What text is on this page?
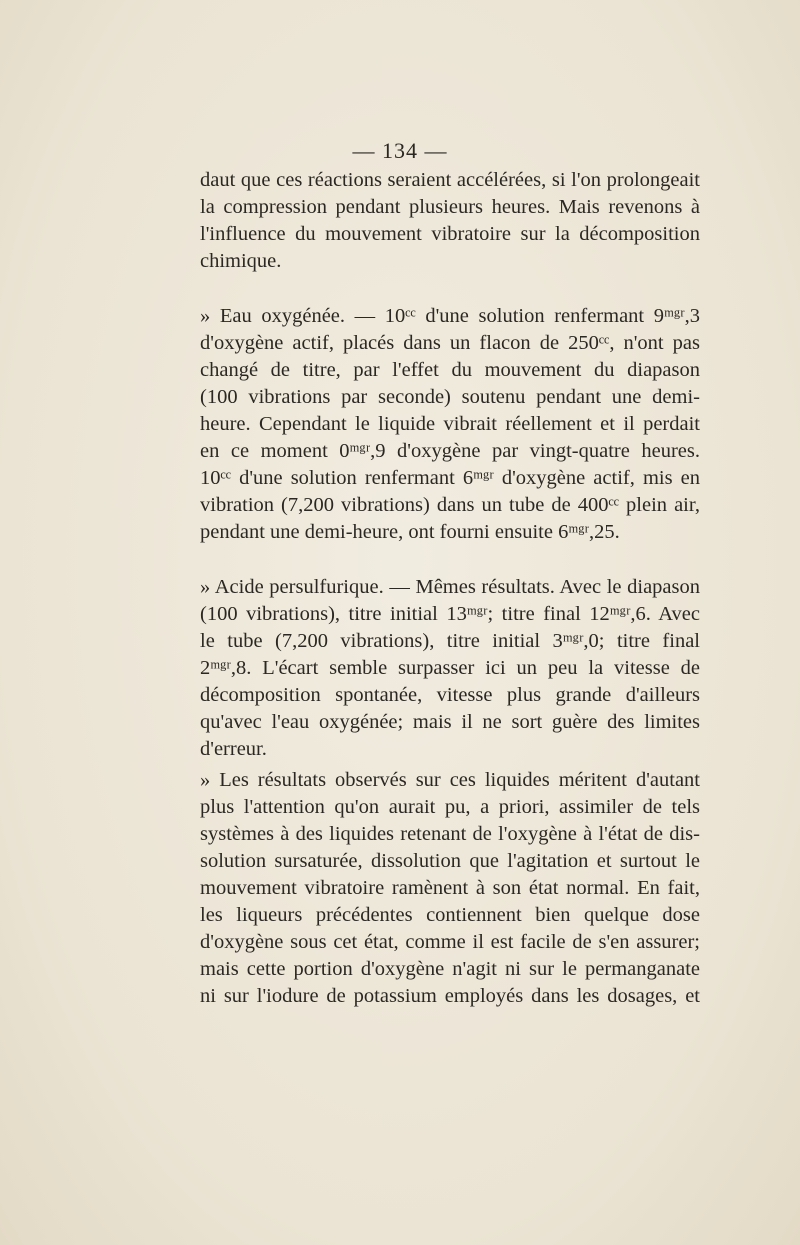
— 134 —

daut que ces réactions seraient accélérées, si l'on prolongeait
la compression pendant plusieurs heures. Mais revenons à
l'influence du mouvement vibratoire sur la décomposition
chimique.

» Eau oxygénée. — 10ᶜᶜ d'une solution renfermant 9ᵐᵍʳ,3
d'oxygène actif, placés dans un flacon de 250ᶜᶜ, n'ont pas
changé de titre, par l'effet du mouvement du diapason
(100 vibrations par seconde) soutenu pendant une demi-
heure. Cependant le liquide vibrait réellement et il perdait
en ce moment 0ᵐᵍʳ,9 d'oxygène par vingt-quatre heures.
10ᶜᶜ d'une solution renfermant 6ᵐᵍʳ d'oxygène actif, mis en
vibration (7,200 vibrations) dans un tube de 400ᶜᶜ plein air,
pendant une demi-heure, ont fourni ensuite 6ᵐᵍʳ,25.

» Acide persulfurique. — Mêmes résultats. Avec le diapason
(100 vibrations), titre initial 13ᵐᵍʳ; titre final 12ᵐᵍʳ,6. Avec
le tube (7,200 vibrations), titre initial 3ᵐᵍʳ,0; titre final
2ᵐᵍʳ,8. L'écart semble surpasser ici un peu la vitesse de
décomposition spontanée, vitesse plus grande d'ailleurs
qu'avec l'eau oxygénée; mais il ne sort guère des limites
d'erreur.

» Les résultats observés sur ces liquides méritent d'autant
plus l'attention qu'on aurait pu, a priori, assimiler de tels
systèmes à des liquides retenant de l'oxygène à l'état de dis-
solution sursaturée, dissolution que l'agitation et surtout le
mouvement vibratoire ramènent à son état normal. En fait,
les liqueurs précédentes contiennent bien quelque dose
d'oxygène sous cet état, comme il est facile de s'en assurer;
mais cette portion d'oxygène n'agit ni sur le permanganate
ni sur l'iodure de potassium employés dans les dosages, et
